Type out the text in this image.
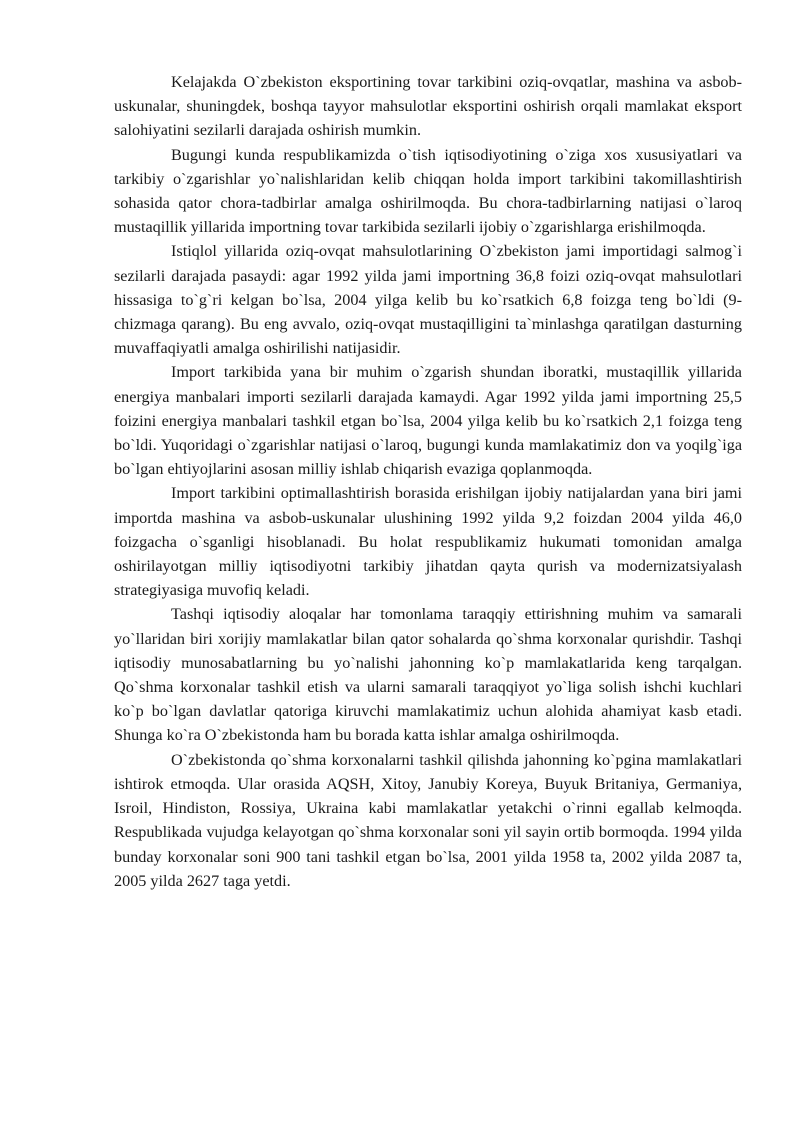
Kelajakda O`zbekiston eksportining tovar tarkibini oziq-ovqatlar, mashina va asbob-uskunalar, shuningdek, boshqa tayyor mahsulotlar eksportini oshirish orqali mamlakat eksport salohiyatini sezilarli darajada oshirish mumkin.

Bugungi kunda respublikamizda o`tish iqtisodiyotining o`ziga xos xususiyatlari va tarkibiy o`zgarishlar yo`nalishlaridan kelib chiqqan holda import tarkibini takomillashtirish sohasida qator chora-tadbirlar amalga oshirilmoqda. Bu chora-tadbirlarning natijasi o`laroq mustaqillik yillarida importning tovar tarkibida sezilarli ijobiy o`zgarishlarga erishilmoqda.

Istiqlol yillarida oziq-ovqat mahsulotlarining O`zbekiston jami importidagi salmog`i sezilarli darajada pasaydi: agar 1992 yilda jami importning 36,8 foizi oziq-ovqat mahsulotlari hissasiga to`g`ri kelgan bo`lsa, 2004 yilga kelib bu ko`rsatkich 6,8 foizga teng bo`ldi (9-chizmaga qarang). Bu eng avvalo, oziq-ovqat mustaqilligini ta`minlashga qaratilgan dasturning muvaffaqiyatli amalga oshirilishi natijasidir.

Import tarkibida yana bir muhim o`zgarish shundan iboratki, mustaqillik yillarida energiya manbalari importi sezilarli darajada kamaydi. Agar 1992 yilda jami importning 25,5 foizini energiya manbalari tashkil etgan bo`lsa, 2004 yilga kelib bu ko`rsatkich 2,1 foizga teng bo`ldi. Yuqoridagi o`zgarishlar natijasi o`laroq, bugungi kunda mamlakatimiz don va yoqilg`iga bo`lgan ehtiyojlarini asosan milliy ishlab chiqarish evaziga qoplanmoqda.

Import tarkibini optimallashtirish borasida erishilgan ijobiy natijalardan yana biri jami importda mashina va asbob-uskunalar ulushining 1992 yilda 9,2 foizdan 2004 yilda 46,0 foizgacha o`sganligi hisoblanadi. Bu holat respublikamiz hukumati tomonidan amalga oshirilayotgan milliy iqtisodiyotni tarkibiy jihatdan qayta qurish va modernizatsiyalash strategiyasiga muvofiq keladi.

Tashqi iqtisodiy aloqalar har tomonlama taraqqiy ettirishning muhim va samarali yo`llaridan biri xorijiy mamlakatlar bilan qator sohalarda qo`shma korxonalar qurishdir. Tashqi iqtisodiy munosabatlarning bu yo`nalishi jahonning ko`p mamlakatlarida keng tarqalgan. Qo`shma korxonalar tashkil etish va ularni samarali taraqqiyot yo`liga solish ishchi kuchlari ko`p bo`lgan davlatlar qatoriga kiruvchi mamlakatimiz uchun alohida ahamiyat kasb etadi. Shunga ko`ra O`zbekistonda ham bu borada katta ishlar amalga oshirilmoqda.

O`zbekistonda qo`shma korxonalarni tashkil qilishda jahonning ko`pgina mamlakatlari ishtirok etmoqda. Ular orasida AQSH, Xitoy, Janubiy Koreya, Buyuk Britaniya, Germaniya, Isroil, Hindiston, Rossiya, Ukraina kabi mamlakatlar yetakchi o`rinni egallab kelmoqda. Respublikada vujudga kelayotgan qo`shma korxonalar soni yil sayin ortib bormoqda. 1994 yilda bunday korxonalar soni 900 tani tashkil etgan bo`lsa, 2001 yilda 1958 ta, 2002 yilda 2087 ta, 2005 yilda 2627 taga yetdi.
